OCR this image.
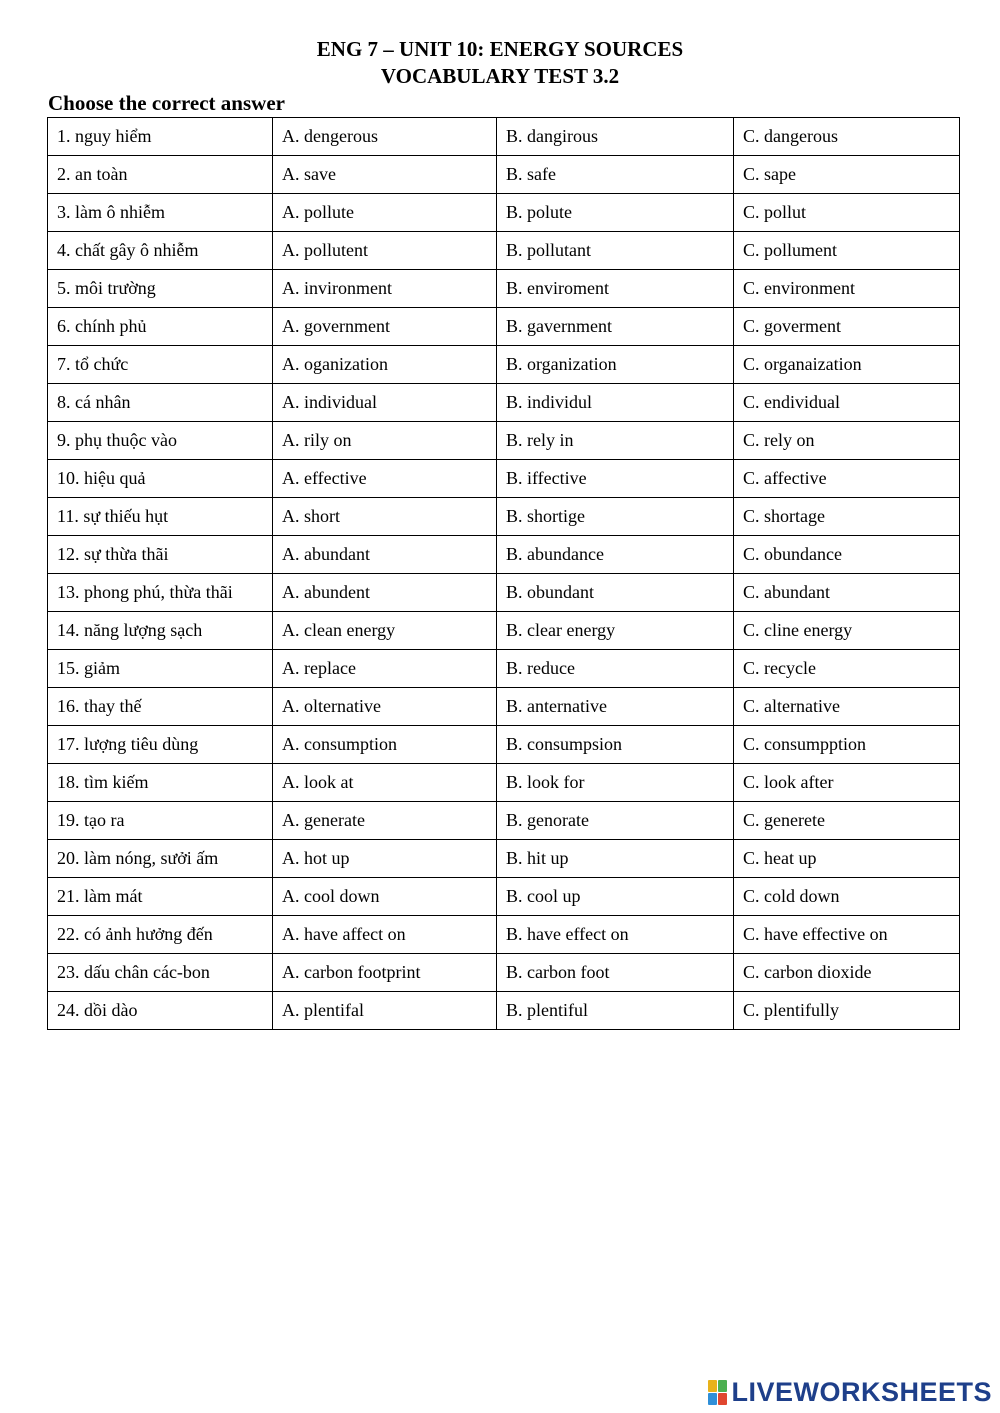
ENG 7 – UNIT 10: ENERGY SOURCES
VOCABULARY TEST 3.2
Choose the correct answer
1. nguy hiểm	A. dengerous	B. dangirous	C. dangerous
2. an toàn	A. save	B. safe	C. sape
3. làm ô nhiễm	A. pollute	B. polute	C. pollut
4. chất gây ô nhiễm	A. pollutent	B. pollutant	C. pollument
5. môi trường	A. invironment	B. enviroment	C. environment
6. chính phủ	A. government	B. gavernment	C. goverment
7. tổ chức	A. oganization	B. organization	C. organaization
8. cá nhân	A. individual	B. individul	C. endividual
9. phụ thuộc vào	A. rily on	B. rely in	C. rely on
10. hiệu quả	A. effective	B. iffective	C. affective
11. sự thiếu hụt	A. short	B. shortige	C. shortage
12. sự thừa thãi	A. abundant	B. abundance	C. obundance
13. phong phú, thừa thãi	A. abundent	B. obundant	C. abundant
14. năng lượng sạch	A. clean energy	B. clear energy	C. cline energy
15. giảm	A. replace	B. reduce	C. recycle
16. thay thế	A. olternative	B. anternative	C. alternative
17. lượng tiêu dùng	A. consumption	B. consumpsion	C. consumpption
18. tìm kiếm	A. look at	B. look for	C. look after
19. tạo ra	A. generate	B. genorate	C. generete
20. làm nóng, sưởi ấm	A. hot up	B. hit up	C. heat up
21. làm mát	A. cool down	B. cool up	C. cold down
22. có ảnh hưởng đến	A. have affect on	B. have effect on	C. have effective on
23. dấu chân các-bon	A. carbon footprint	B. carbon foot	C. carbon dioxide
24. dồi dào	A. plentifal	B. plentiful	C. plentifully
LIVEWORKSHEETS
